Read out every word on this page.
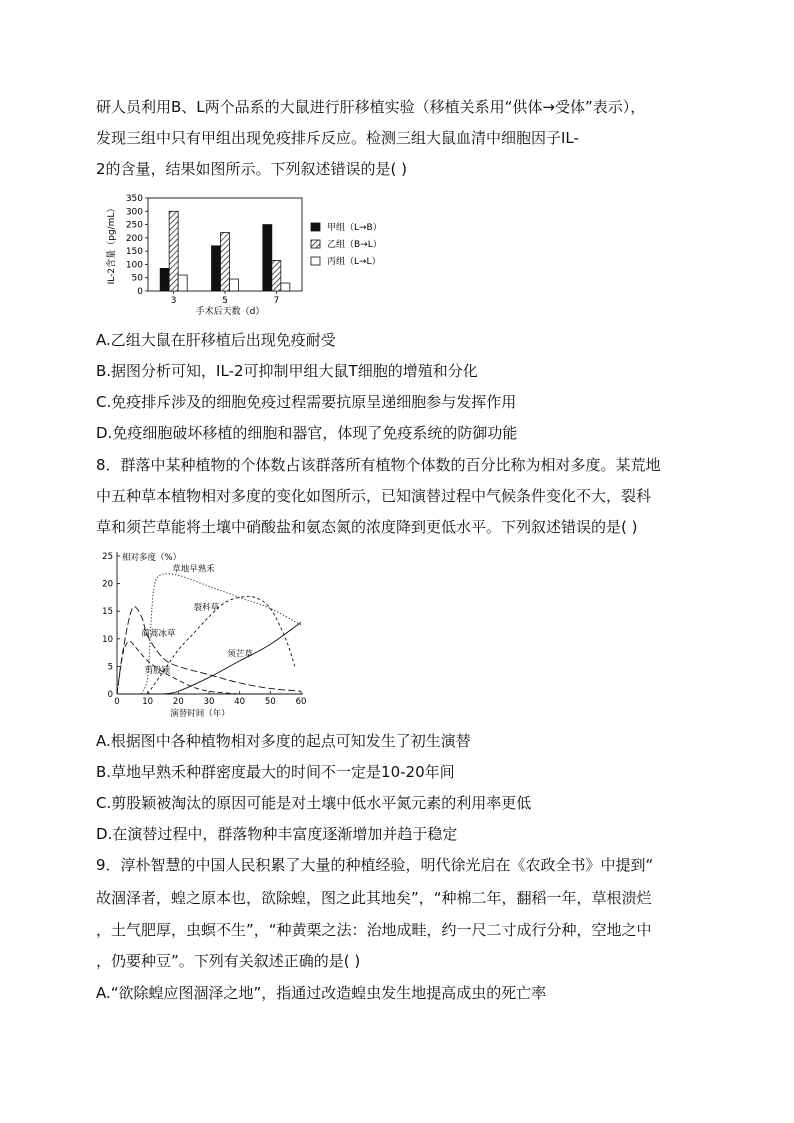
研人员利用B、L两个品系的大鼠进行肝移植实验（移植关系用“供体→受体”表示），
发现三组中只有甲组出现免疫排斥反应。检测三组大鼠血清中细胞因子IL-
2的含量，结果如图所示。下列叙述错误的是( )
0
50
100
150
200
250
300
350
3	5	7
甲组（L→B）
乙组（B→L）
丙组（L→L）
IL-2含量（pg/mL）
手术后天数（d）
A.乙组大鼠在肝移植后出现免疫耐受
B.据图分析可知，IL-2可抑制甲组大鼠T细胞的增殖和分化
C.免疫排斥涉及的细胞免疫过程需要抗原呈递细胞参与发挥作用
D.免疫细胞破坏移植的细胞和器官，体现了免疫系统的防御功能
8．群落中某种植物的个体数占该群落所有植物个体数的百分比称为相对多度。某荒地
中五种草本植物相对多度的变化如图所示，已知演替过程中气候条件变化不大，裂科
草和须芒草能将土壤中硝酸盐和氨态氮的浓度降到更低水平。下列叙述错误的是( )
0
5
10
15
20
25
0	10 20 30 40 50 60
草地早熟禾
裂科草
蔺蒿冰草
须芒草
剪股颖
相对多度（%）
演替时间（年）
A.根据图中各种植物相对多度的起点可知发生了初生演替
B.草地早熟禾种群密度最大的时间不一定是10-20年间
C.剪股颖被淘汰的原因可能是对土壤中低水平氮元素的利用率更低
D.在演替过程中，群落物种丰富度逐渐增加并趋于稳定
9．淳朴智慧的中国人民积累了大量的种植经验，明代徐光启在《农政全书》中提到“
故涸泽者，蝗之原本也，欲除蝗，图之此其地矣”，“种棉二年，翻稻一年，草根溃烂
，土气肥厚，虫螟不生”，“种黄栗之法：治地成畦，约一尺二寸成行分种，空地之中
，仍要种豆”。下列有关叙述正确的是( )
A.“欲除蝗应图涸泽之地”，指通过改造蝗虫发生地提高成虫的死亡率
